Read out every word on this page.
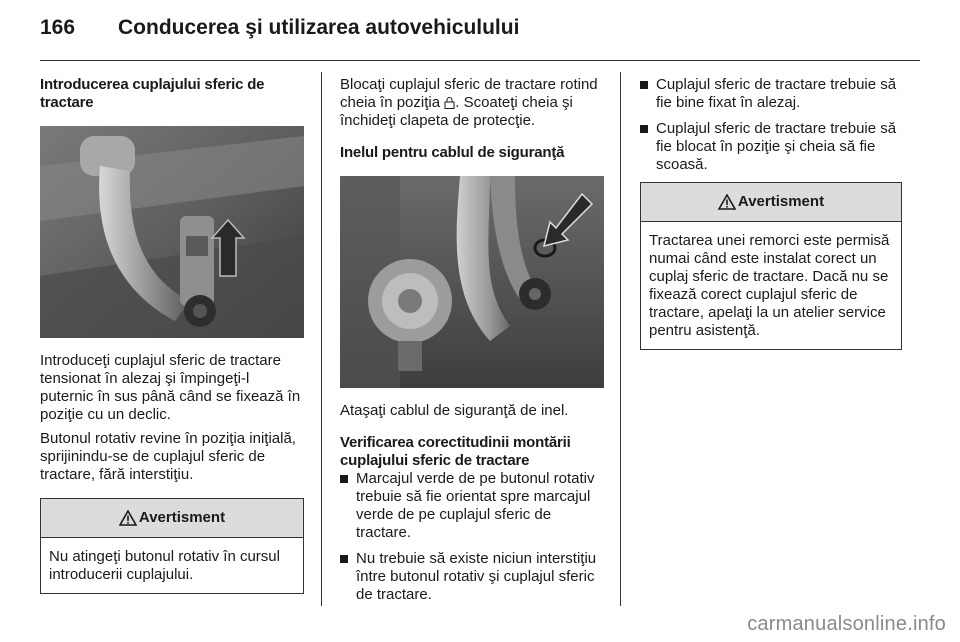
166 Conducerea şi utilizarea autovehiculului

Introducerea cuplajului sferic de tractare

Introduceţi cuplajul sferic de tractare tensionat în alezaj şi împingeţi-l puternic în sus până când se fixează în poziţie cu un declic.

Butonul rotativ revine în poziţia iniţială, sprijinindu-se de cuplajul sferic de tractare, fără interstiţiu.

Avertisment
Nu atingeţi butonul rotativ în cursul introducerii cuplajului.

Blocaţi cuplajul sferic de tractare rotind cheia în poziţia . Scoateţi cheia şi închideţi clapeta de protecţie.

Inelul pentru cablul de siguranţă

Ataşaţi cablul de siguranţă de inel.

Verificarea corectitudinii montării cuplajului sferic de tractare

Marcajul verde de pe butonul rotativ trebuie să fie orientat spre marcajul verde de pe cuplajul sferic de tractare.
Nu trebuie să existe niciun interstiţiu între butonul rotativ şi cuplajul sferic de tractare.
Cuplajul sferic de tractare trebuie să fie bine fixat în alezaj.
Cuplajul sferic de tractare trebuie să fie blocat în poziţie şi cheia să fie scoasă.
Avertisment
Tractarea unei remorci este permisă numai când este instalat corect un cuplaj sferic de tractare. Dacă nu se fixează corect cuplajul sferic de tractare, apelaţi la un atelier service pentru asistenţă.
carmanualsonline.info
